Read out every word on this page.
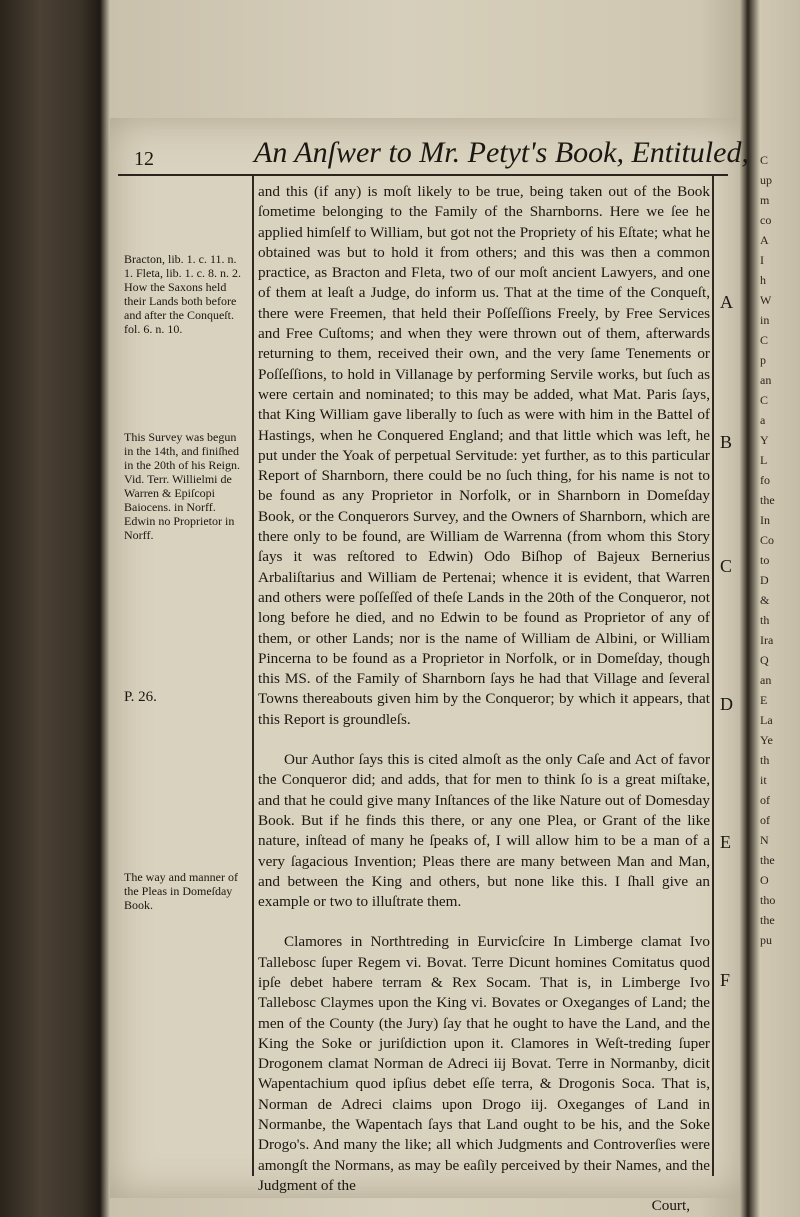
12	An Anſwer to Mr. Petyt's Book, Entituled,
Bracton, lib. 1. c. 11. n. 1. Fleta, lib. 1. c. 8. n. 2. How the Saxons held their Lands both before and after the Conqueſt. fol. 6. n. 10.
This Survey was begun in the 14th, and finiſhed in the 20th of his Reign. Vid. Terr. Willielmi de Warren & Epiſcopi Baiocens. in Norff. Edwin no Proprietor in Norff.
P. 26.
The way and manner of the Pleas in Domeſday Book.
A
B
C
D
E
F

and this (if any) is moſt likely to be true, being taken out of the Book ſometime belonging to the Family of the Sharnborns. Here we ſee he applied himſelf to William, but got not the Propriety of his Eſtate; what he obtained was but to hold it from others; and this was then a common practice, as Bracton and Fleta, two of our moſt ancient Lawyers, and one of them at leaſt a Judge, do inform us. That at the time of the Conqueſt, there were Freemen, that held their Poſſeſſions Freely, by Free Services and Free Cuſtoms; and when they were thrown out of them, afterwards returning to them, received their own, and the very ſame Tenements or Poſſeſſions, to hold in Villanage by performing Servile works, but ſuch as were certain and nominated; to this may be added, what Mat. Paris ſays, that King William gave liberally to ſuch as were with him in the Battel of Hastings, when he Conquered England; and that little which was left, he put under the Yoak of perpetual Servitude: yet further, as to this particular Report of Sharnborn, there could be no ſuch thing, for his name is not to be found as any Proprietor in Norfolk, or in Sharnborn in Domeſday Book, or the Conquerors Survey, and the Owners of Sharnborn, which are there only to be found, are William de Warrenna (from whom this Story ſays it was reſtored to Edwin) Odo Biſhop of Bajeux Bernerius Arbaliſtarius and William de Pertenai; whence it is evident, that Warren and others were poſſeſſed of theſe Lands in the 20th of the Conqueror, not long before he died, and no Edwin to be found as Proprietor of any of them, or other Lands; nor is the name of William de Albini, or William Pincerna to be found as a Proprietor in Norfolk, or in Domeſday, though this MS. of the Family of Sharnborn ſays he had that Village and ſeveral Towns thereabouts given him by the Conqueror; by which it appears, that this Report is groundleſs.

Our Author ſays this is cited almoſt as the only Caſe and Act of favor the Conqueror did; and adds, that for men to think ſo is a great miſtake, and that he could give many Inſtances of the like Nature out of Domesday Book. But if he finds this there, or any one Plea, or Grant of the like nature, inſtead of many he ſpeaks of, I will allow him to be a man of a very ſagacious Invention; Pleas there are many between Man and Man, and between the King and others, but none like this. I ſhall give an example or two to illuſtrate them.

Clamores in Northtreding in Eurvicſcire In Limberge clamat Ivo Tallebosc ſuper Regem vi. Bovat. Terre Dicunt homines Comitatus quod ipſe debet habere terram & Rex Socam. That is, in Limberge Ivo Tallebosc Claymes upon the King vi. Bovates or Oxeganges of Land; the men of the County (the Jury) ſay that he ought to have the Land, and the King the Soke or juriſdiction upon it. Clamores in Weſt-treding ſuper Drogonem clamat Norman de Adreci iij Bovat. Terre in Normanby, dicit Wapentachium quod ipſius debet eſſe terra, & Drogonis Soca. That is, Norman de Adreci claims upon Drogo iij. Oxeganges of Land in Normanbe, the Wapentach ſays that Land ought to be his, and the Soke Drogo's. And many the like; all which Judgments and Controverſies were amongſt the Normans, as may be eaſily perceived by their Names, and the Judgment of the

Court,

C
up
m
co
A
I
h
W
in
C
p
an
C
a
Y
L
fo
the
In
Co
to
D
&
th
Ira
Q
an
E
La
Ye
th
it
of
of
N
the
O
tho
the
pu
